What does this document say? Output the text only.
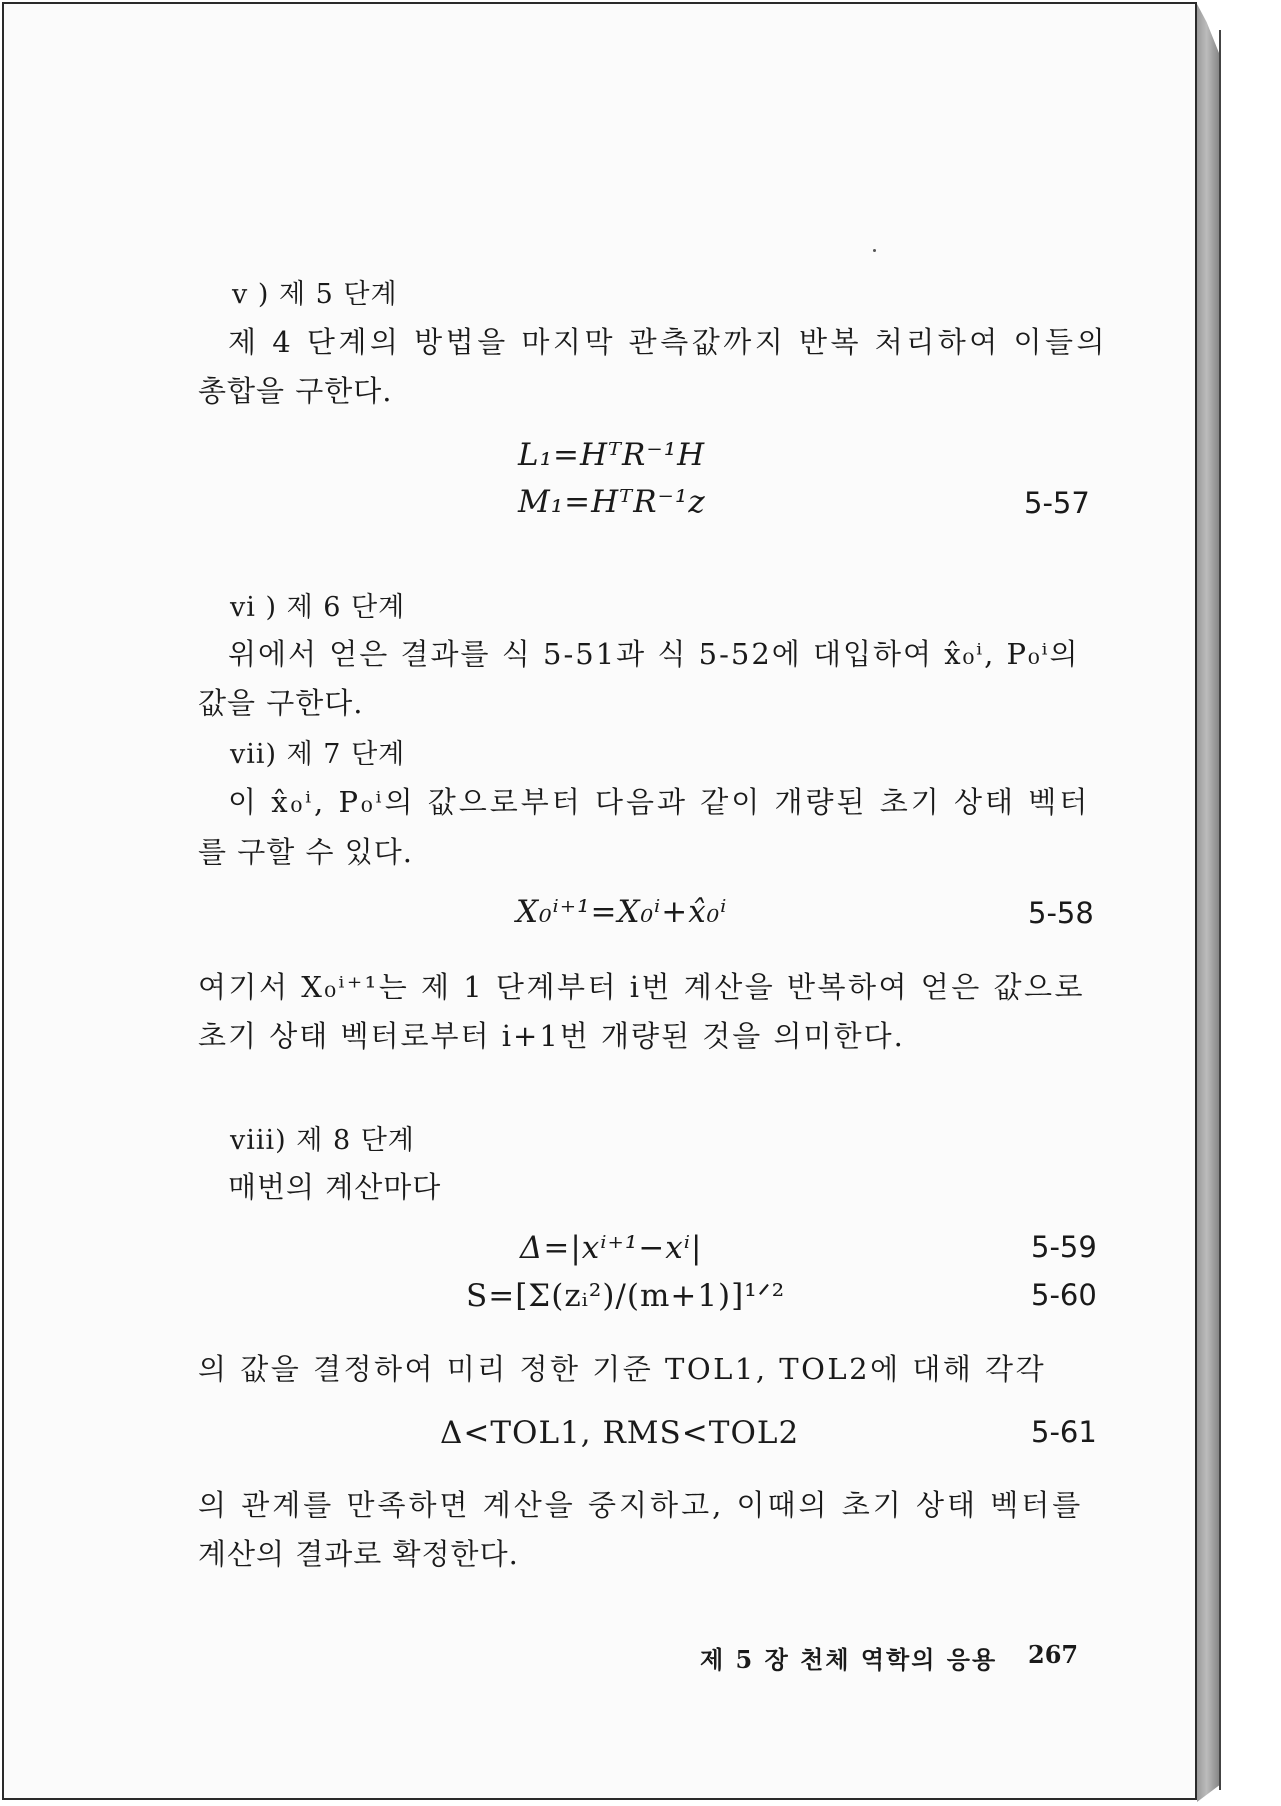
v ) 제 5 단계
제 4 단계의 방법을 마지막 관측값까지 반복 처리하여 이들의
총합을 구한다.
L₁=HᵀR⁻¹H
M₁=HᵀR⁻¹z	5-57
vi ) 제 6 단계
위에서 얻은 결과를 식 5-51과 식 5-52에 대입하여 x̂₀ⁱ, P₀ⁱ의
값을 구한다.
vii) 제 7 단계
이 x̂₀ⁱ, P₀ⁱ의 값으로부터 다음과 같이 개량된 초기 상태 벡터
를 구할 수 있다.
X₀ⁱ⁺¹=X₀ⁱ+x̂₀ⁱ	5-58
여기서 X₀ⁱ⁺¹는 제 1 단계부터 i번 계산을 반복하여 얻은 값으로
초기 상태 벡터로부터 i+1번 개량된 것을 의미한다.
viii) 제 8 단계
매번의 계산마다
Δ=|xⁱ⁺¹−xⁱ|	5-59
S=[Σ(zᵢ²)/(m+1)]¹ᐟ²	5-60
의 값을 결정하여 미리 정한 기준 TOL1, TOL2에 대해 각각
Δ<TOL1, RMS<TOL2	5-61
의 관계를 만족하면 계산을 중지하고, 이때의 초기 상태 벡터를
계산의 결과로 확정한다.
제 5 장 천체 역학의 응용 267
